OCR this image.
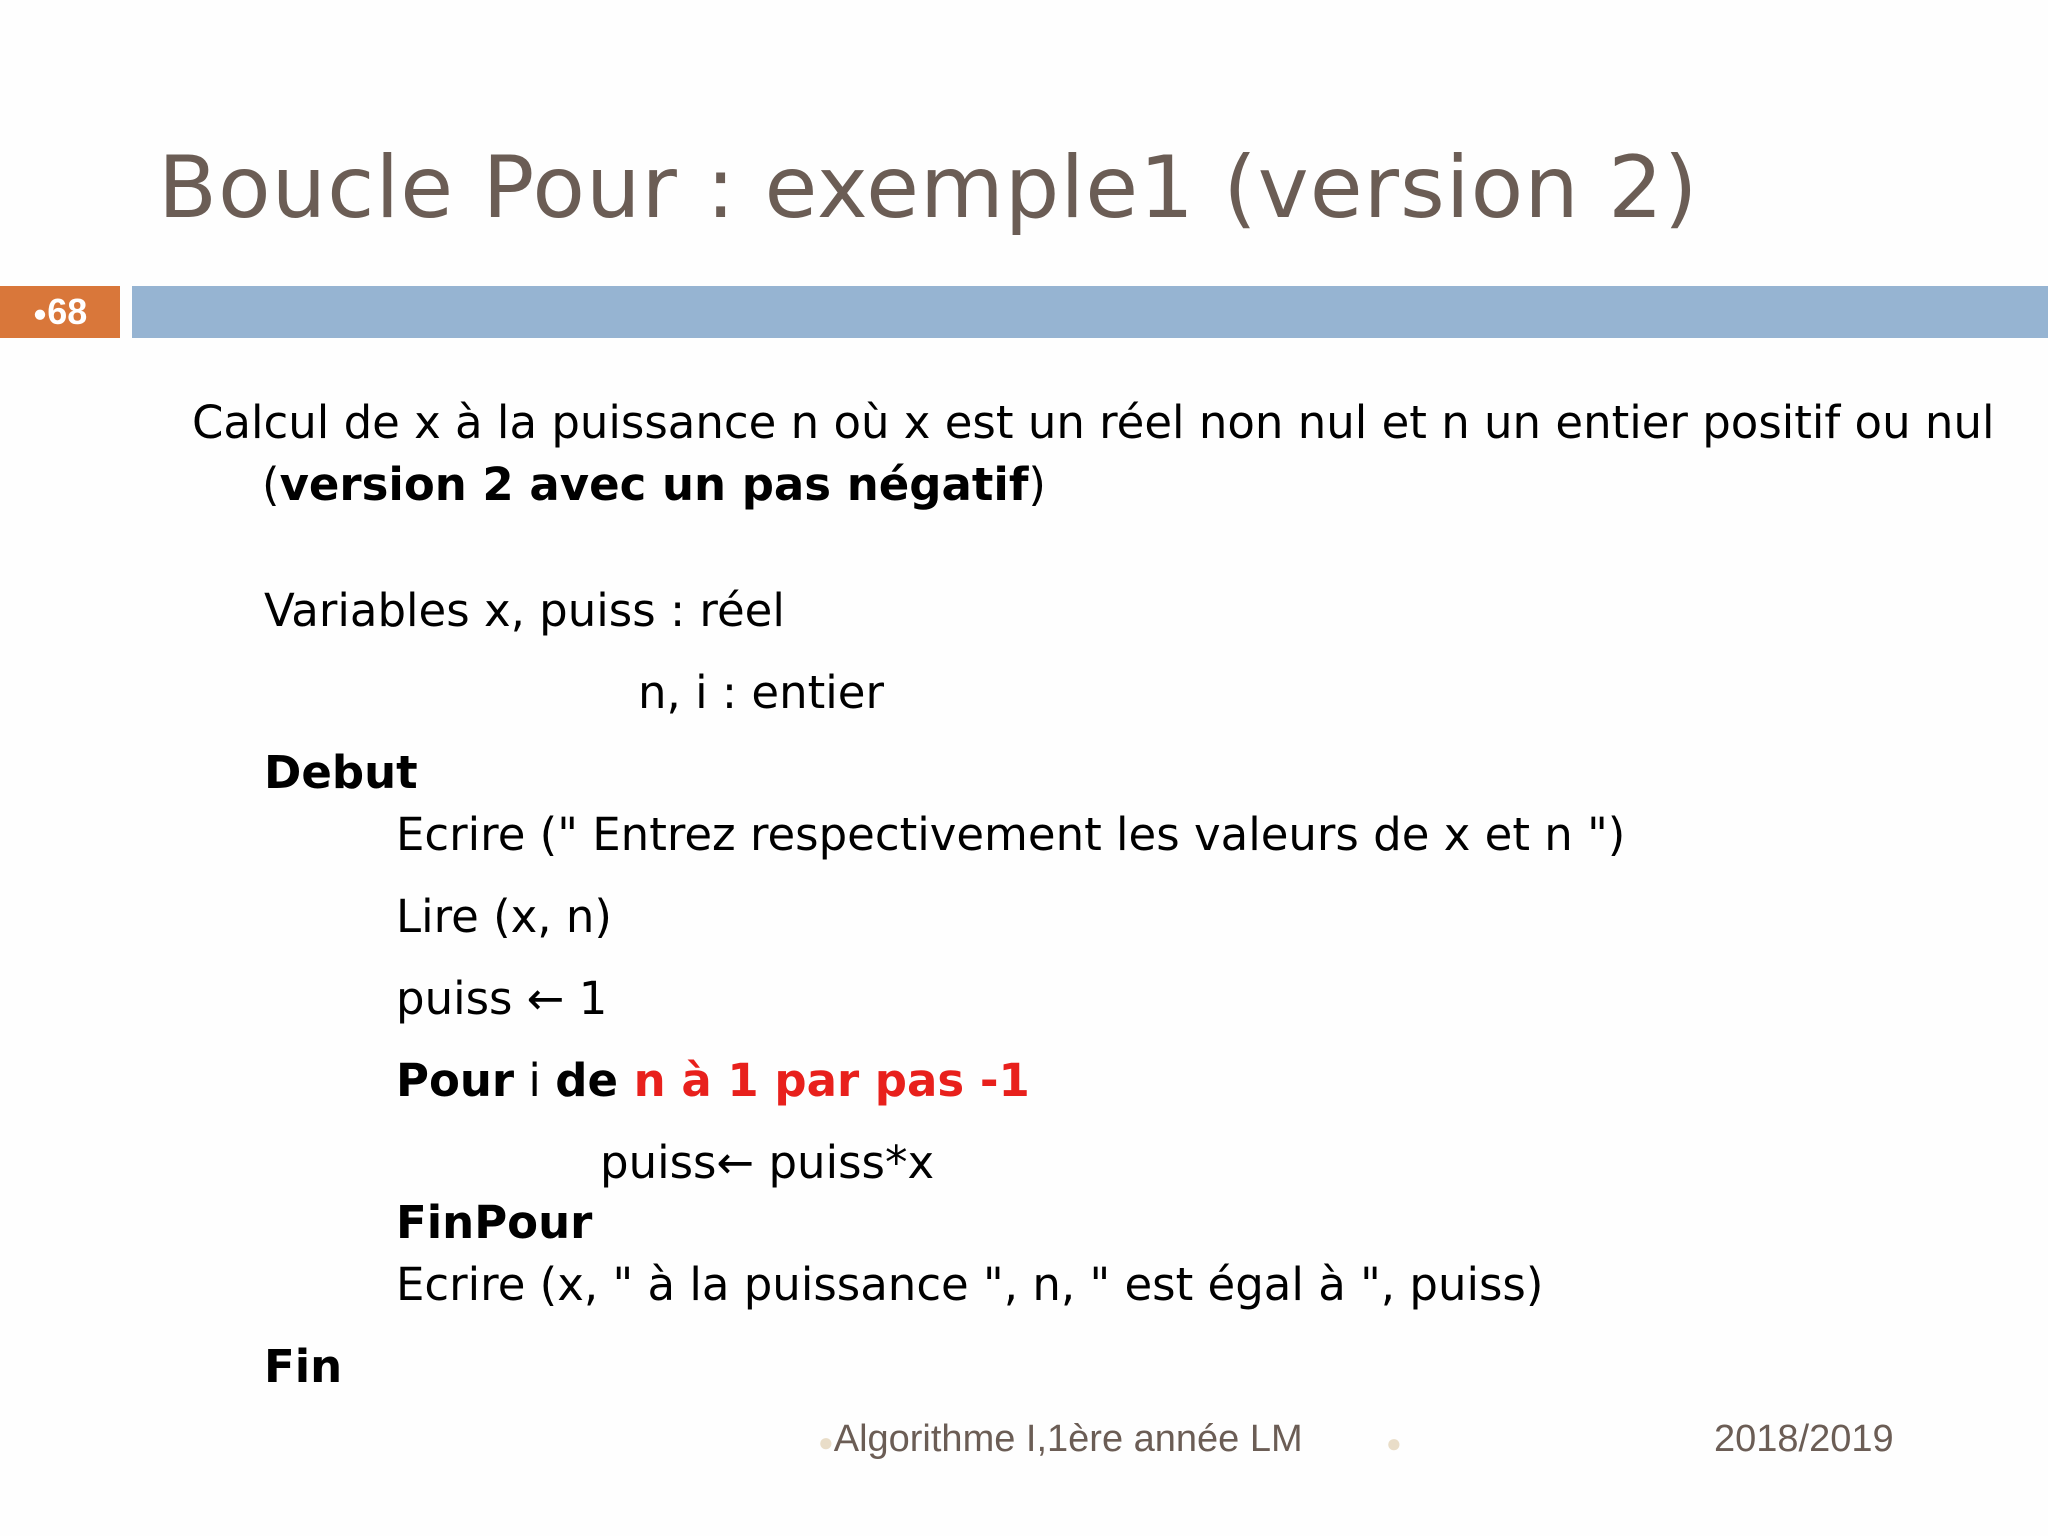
Boucle Pour : exemple1 (version 2)
●68
Calcul de x à la puissance n où x est un réel non nul et n un entier positif ou nul
(version 2 avec un pas négatif)
Variables x, puiss : réel
n, i : entier
Debut
Ecrire (" Entrez respectivement les valeurs de x et n ")
Lire (x, n)
puiss ← 1
Pour i de n à 1 par pas -1
puiss← puiss*x
FinPour
Ecrire (x, " à la puissance ", n, " est égal à ", puiss)
Fin
●Algorithme I,1ère année LM	●	2018/2019
